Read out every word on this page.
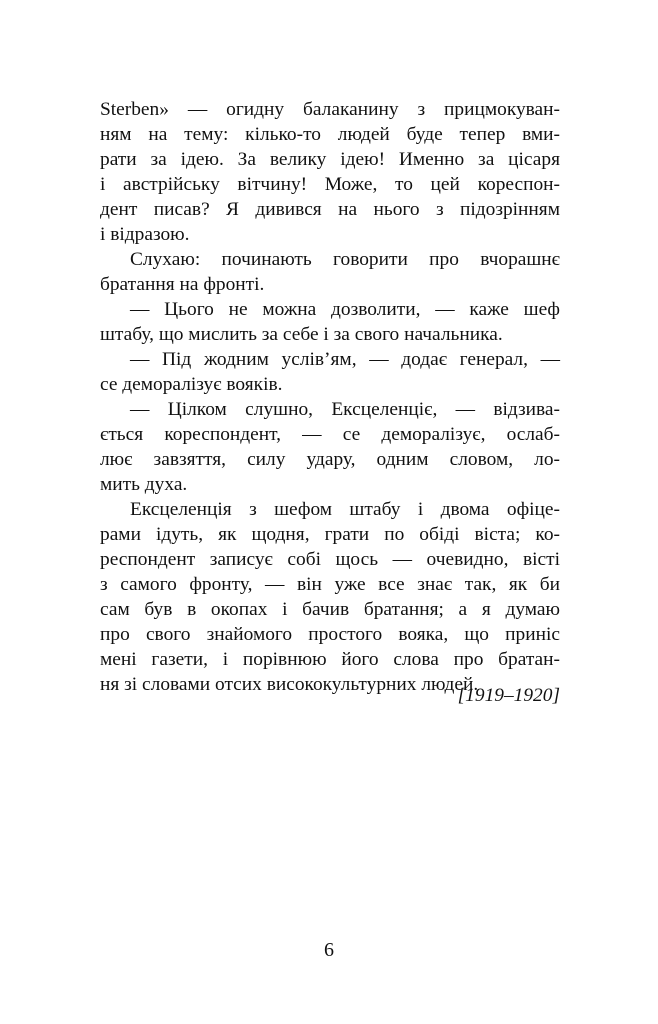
Sterben» — огидну балаканину з прицмокуван-
ням на тему: кілько-то людей буде тепер вми-
рати за ідею. За велику ідею! Именно за цісаря
і австрійську вітчину! Може, то цей кореспон-
дент писав? Я дивився на нього з підозрінням
і відразою.
Слухаю: починають говорити про вчорашнє
братання на фронті.
— Цього не можна дозволити, — каже шеф
штабу, що мислить за себе і за свого начальника.
— Під жодним услів’ям, — додає генерал, —
се деморалізує вояків.
— Цілком слушно, Ексцеленціє, — відзива-
ється кореспондент, — се деморалізує, ослаб-
лює завзяття, силу удару, одним словом, ло-
мить духа.
Ексцеленція з шефом штабу і двома офіце-
рами ідуть, як щодня, грати по обіді віста; ко-
респондент записує собі щось — очевидно, вісті
з самого фронту, — він уже все знає так, як би
сам був в окопах і бачив братання; а я думаю
про свого знайомого простого вояка, що приніс
мені газети, і порівнюю його слова про братан-
ня зі словами отсих висококультурних людей.
[1919–1920]
6
